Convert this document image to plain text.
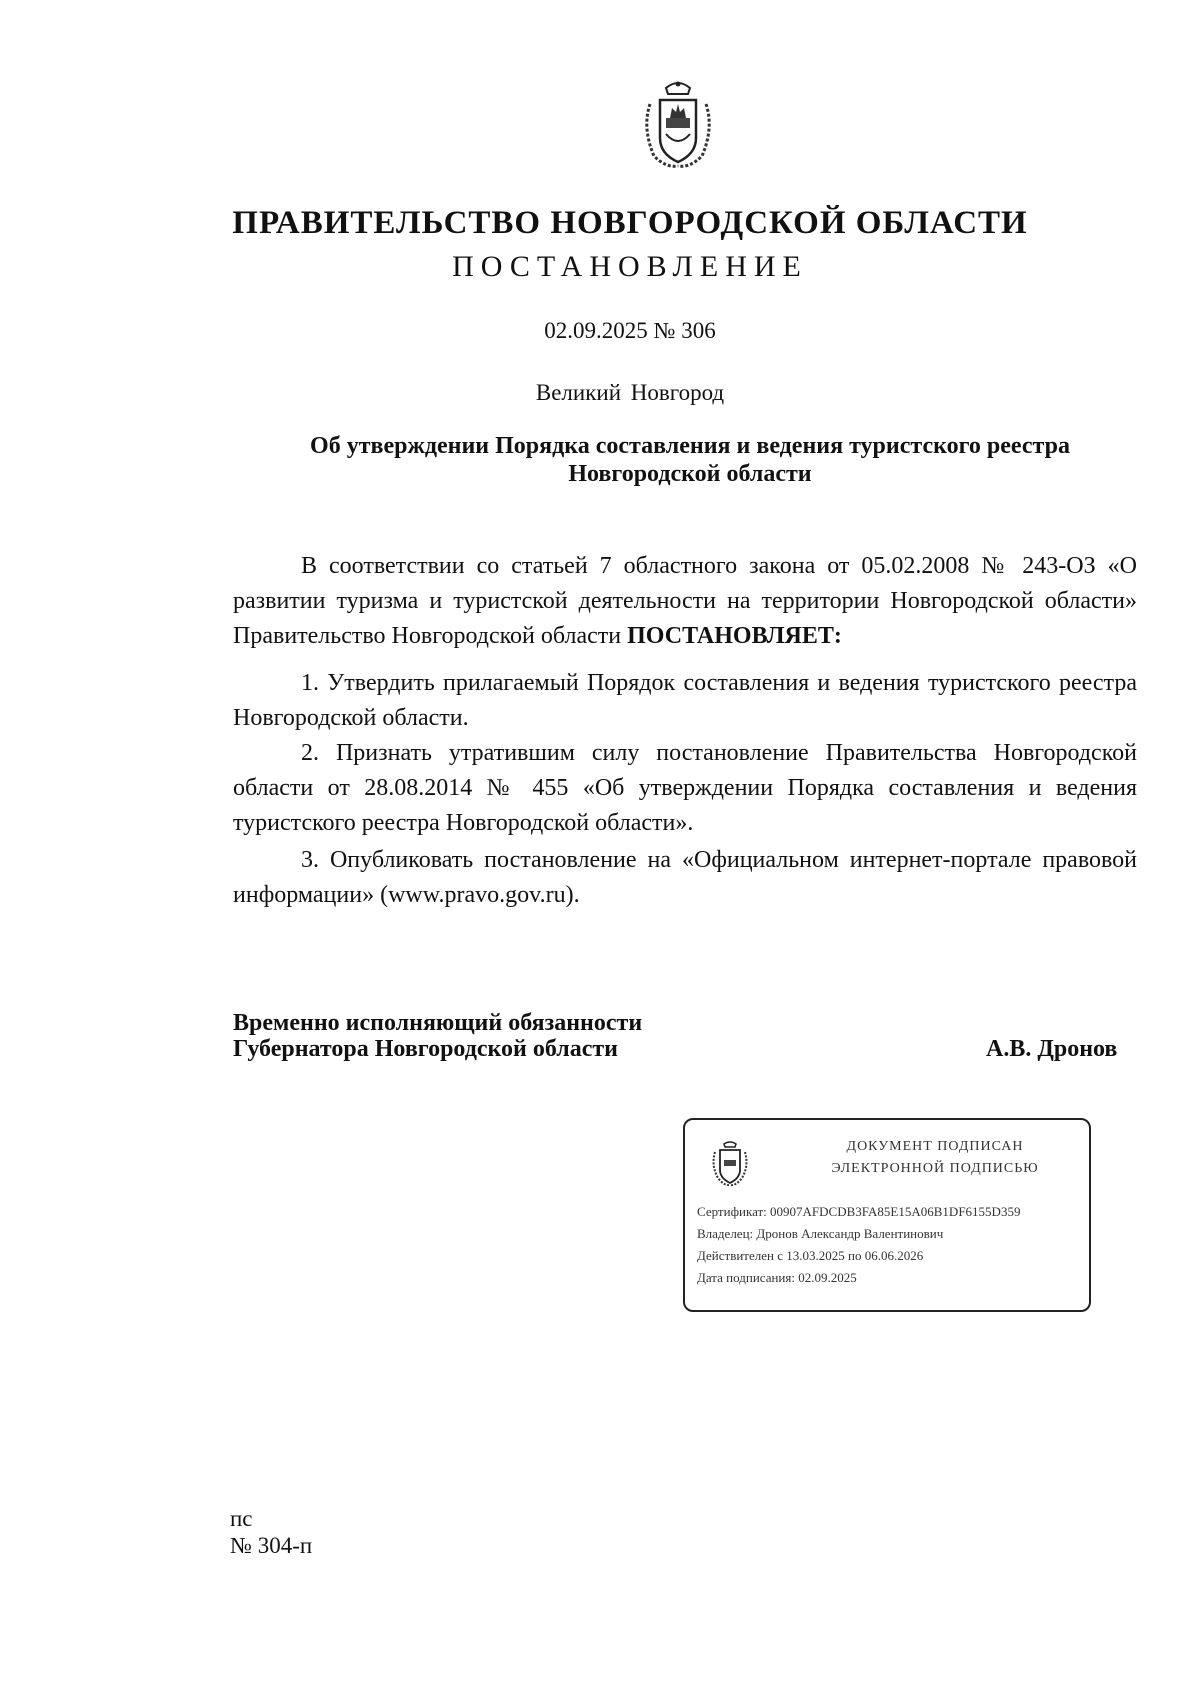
ПРАВИТЕЛЬСТВО НОВГОРОДСКОЙ ОБЛАСТИ
ПОСТАНОВЛЕНИЕ
02.09.2025 № 306
Великий Новгород
Об утверждении Порядка составления и ведения туристского реестра
Новгородской области
В соответствии со статьей 7 областного закона от 05.02.2008 № 243-ОЗ «О развитии туризма и туристской деятельности на территории Новгородской области» Правительство Новгородской области ПОСТАНОВЛЯЕТ:
1. Утвердить прилагаемый Порядок составления и ведения туристского реестра Новгородской области.
2. Признать утратившим силу постановление Правительства Новгородской области от 28.08.2014 № 455 «Об утверждении Порядка составления и ведения туристского реестра Новгородской области».
3. Опубликовать постановление на «Официальном интернет-портале правовой информации» (www.pravo.gov.ru).
Временно исполняющий обязанности
Губернатора Новгородской области	А.В. Дронов
ДОКУМЕНТ ПОДПИСАН
ЭЛЕКТРОННОЙ ПОДПИСЬЮ
Сертификат: 00907AFDCDB3FA85E15A06B1DF6155D359
Владелец: Дронов Александр Валентинович
Действителен с 13.03.2025 по 06.06.2026
Дата подписания: 02.09.2025
пс
№ 304-п
